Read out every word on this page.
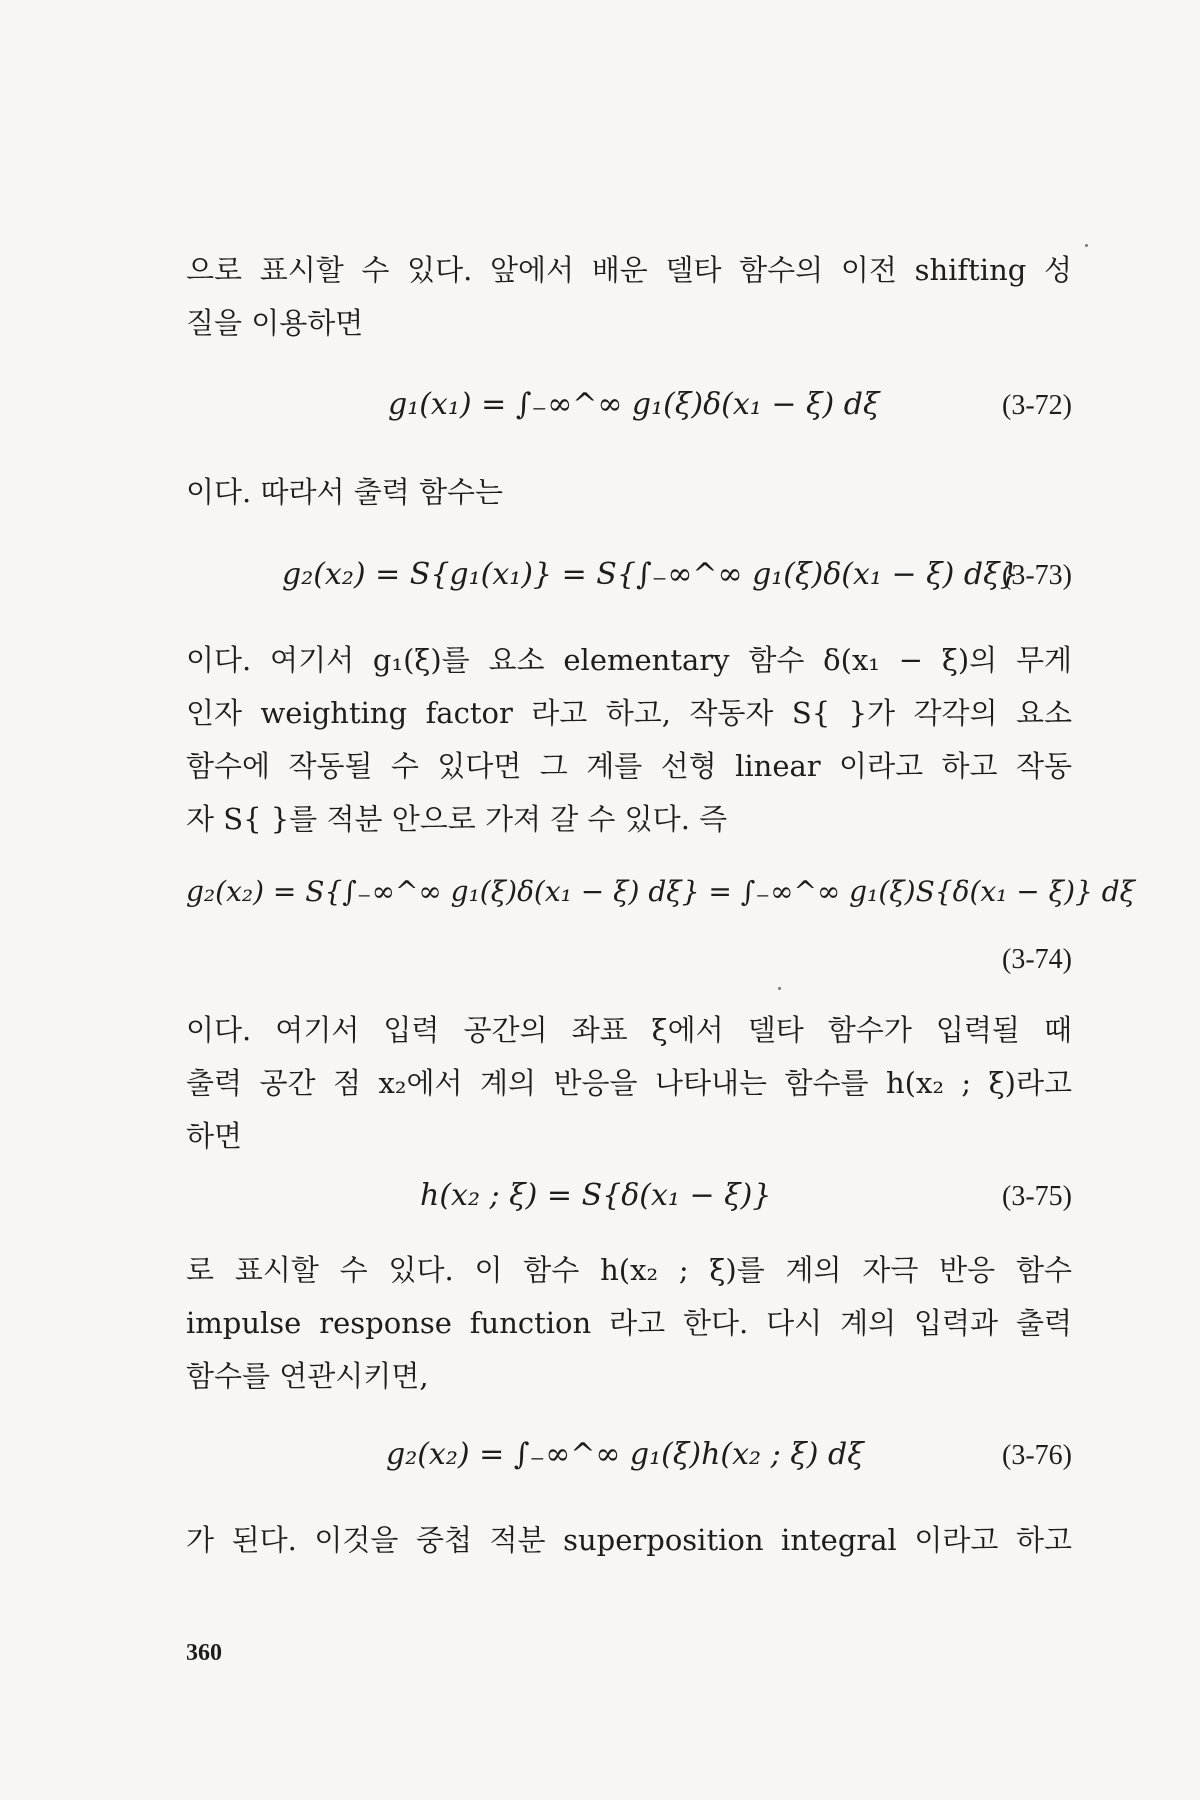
으로 표시할 수 있다. 앞에서 배운 델타 함수의 이전 shifting 성
질을 이용하면
g₁(x₁) = ∫₋∞^∞ g₁(ξ)δ(x₁ − ξ) dξ	(3-72)
이다. 따라서 출력 함수는
g₂(x₂) = S{g₁(x₁)} = S{∫₋∞^∞ g₁(ξ)δ(x₁ − ξ) dξ}
(3-73)
이다. 여기서 g₁(ξ)를 요소 elementary 함수 δ(x₁ − ξ)의 무게
인자 weighting factor 라고 하고, 작동자 S{ }가 각각의 요소
함수에 작동될 수 있다면 그 계를 선형 linear 이라고 하고 작동
자 S{ }를 적분 안으로 가져 갈 수 있다. 즉
g₂(x₂) = S{∫₋∞^∞ g₁(ξ)δ(x₁ − ξ) dξ} = ∫₋∞^∞ g₁(ξ)S{δ(x₁ − ξ)} dξ
(3-74)
이다. 여기서 입력 공간의 좌표 ξ에서 델타 함수가 입력될 때
출력 공간 점 x₂에서 계의 반응을 나타내는 함수를 h(x₂ ; ξ)라고
하면
h(x₂ ; ξ) = S{δ(x₁ − ξ)}	(3-75)
로 표시할 수 있다. 이 함수 h(x₂ ; ξ)를 계의 자극 반응 함수
impulse response function 라고 한다. 다시 계의 입력과 출력
함수를 연관시키면,
g₂(x₂) = ∫₋∞^∞ g₁(ξ)h(x₂ ; ξ) dξ	(3-76)
가 된다. 이것을 중첩 적분 superposition integral 이라고 하고
360
